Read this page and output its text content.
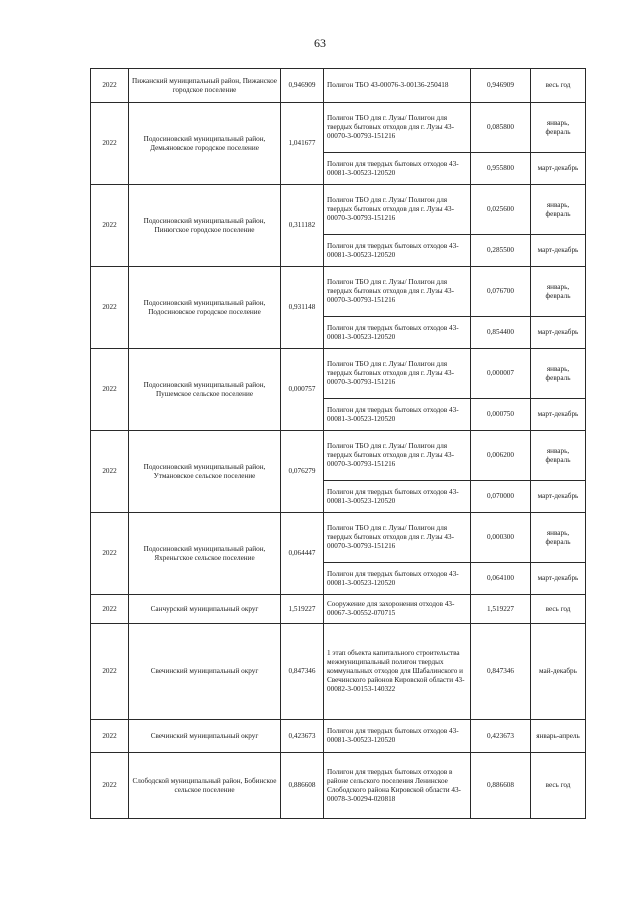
63
2022	Пижанский муниципальный район, Пижанское городское поселение	0,946909	Полигон ТБО 43-00076-3-00136-250418	0,946909	весь год
2022	Подосиновский муниципальный район, Демьяновское городское поселение	1,041677	Полигон ТБО для г. Лузы/ Полигон для твердых бытовых отходов для г. Лузы 43-00070-3-00793-151216	0,085800	январь, февраль
			Полигон для твердых бытовых отходов 43-00081-3-00523-120520	0,955800	март-декабрь
2022	Подосиновский муниципальный район, Пинюгское городское поселение	0,311182	Полигон ТБО для г. Лузы/ Полигон для твердых бытовых отходов для г. Лузы 43-00070-3-00793-151216	0,025600	январь, февраль
			Полигон для твердых бытовых отходов 43-00081-3-00523-120520	0,285500	март-декабрь
2022	Подосиновский муниципальный район, Подосиновское городское поселение	0,931148	Полигон ТБО для г. Лузы/ Полигон для твердых бытовых отходов для г. Лузы 43-00070-3-00793-151216	0,076700	январь, февраль
			Полигон для твердых бытовых отходов 43-00081-3-00523-120520	0,854400	март-декабрь
2022	Подосиновский муниципальный район, Пушемское сельское поселение	0,000757	Полигон ТБО для г. Лузы/ Полигон для твердых бытовых отходов для г. Лузы 43-00070-3-00793-151216	0,000007	январь, февраль
			Полигон для твердых бытовых отходов 43-00081-3-00523-120520	0,000750	март-декабрь
2022	Подосиновский муниципальный район, Утмановское сельское поселение	0,076279	Полигон ТБО для г. Лузы/ Полигон для твердых бытовых отходов для г. Лузы 43-00070-3-00793-151216	0,006200	январь, февраль
			Полигон для твердых бытовых отходов 43-00081-3-00523-120520	0,070000	март-декабрь
2022	Подосиновский муниципальный район, Яхреньгское сельское поселение	0,064447	Полигон ТБО для г. Лузы/ Полигон для твердых бытовых отходов для г. Лузы 43-00070-3-00793-151216	0,000300	январь, февраль
			Полигон для твердых бытовых отходов 43-00081-3-00523-120520	0,064100	март-декабрь
2022	Санчурский муниципальный округ	1,519227	Сооружение для захоронения отходов 43-00067-3-00552-070715	1,519227	весь год
2022	Свечинский муниципальный округ	0,847346	1 этап объекта капитального строительства межмуниципальный полигон твердых коммунальных отходов для Шабалинского и Свечинского районов Кировской области 43-00082-3-00153-140322	0,847346	май-декабрь
2022	Свечинский муниципальный округ	0,423673	Полигон для твердых бытовых отходов 43-00081-3-00523-120520	0,423673	январь-апрель
2022	Слободской муниципальный район, Бобинское сельское поселение	0,886608	Полигон для твердых бытовых отходов в районе сельского поселения Ленинское Слободского района Кировской области 43-00078-3-00294-020818	0,886608	весь год
